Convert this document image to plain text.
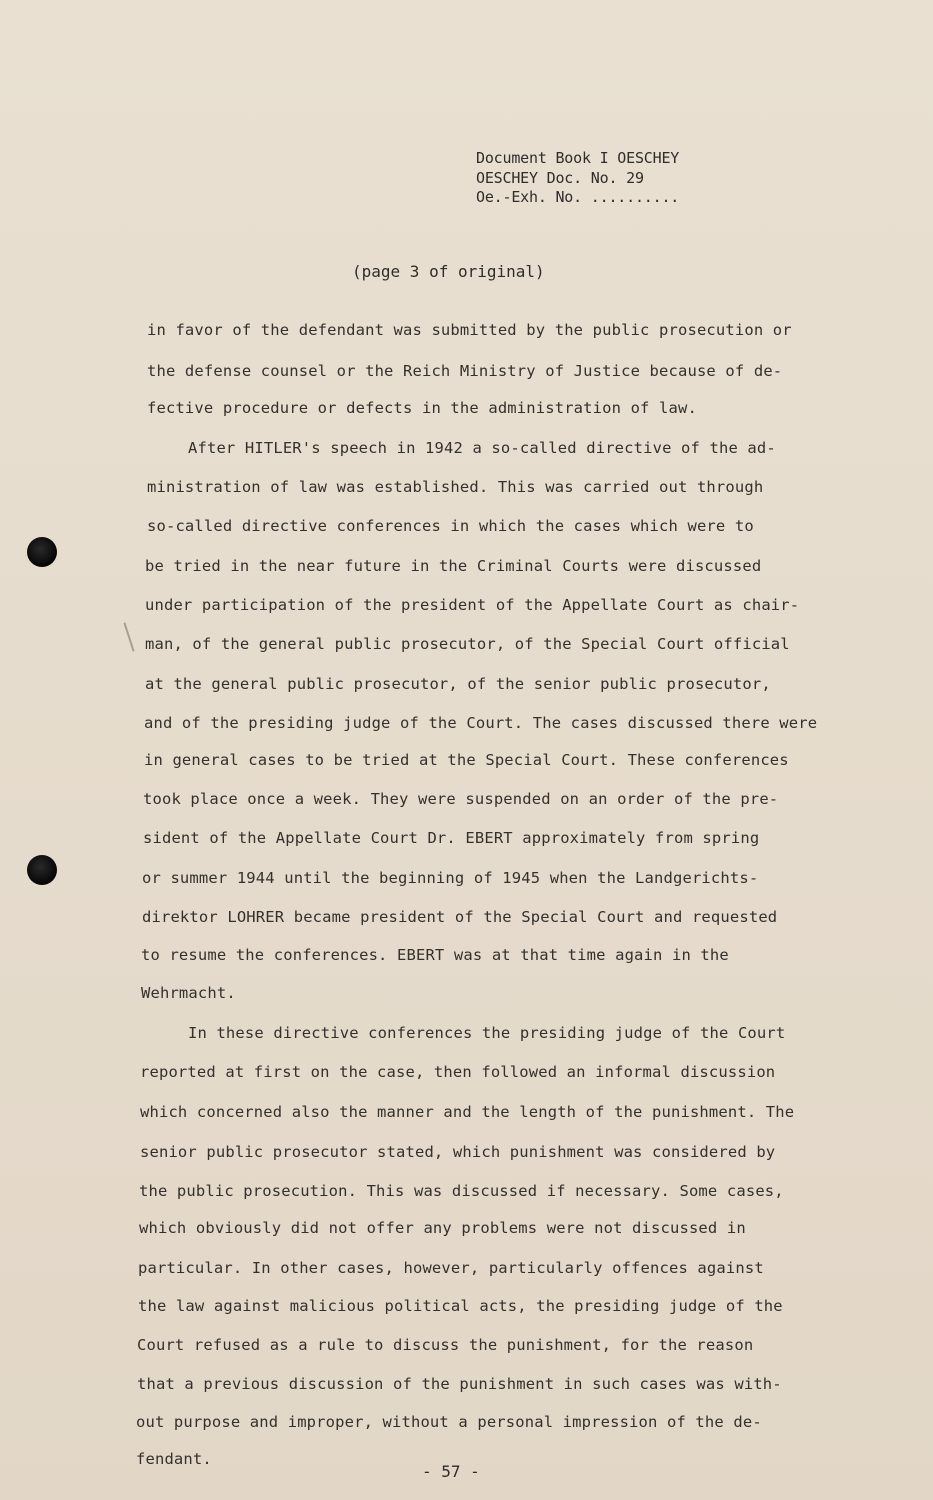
Document Book I OESCHEY
OESCHEY Doc. No. 29
Oe.-Exh. No. ..........
(page 3 of original)
in favor of the defendant was submitted by the public prosecution or
the defense counsel or the Reich Ministry of Justice because of de-
fective procedure or defects in the administration of law.
After HITLER's speech in 1942 a so-called directive of the ad-
ministration of law was established. This was carried out through
so-called directive conferences in which the cases which were to
be tried in the near future in the Criminal Courts were discussed
under participation of the president of the Appellate Court as chair-
man, of the general public prosecutor, of the Special Court official
at the general public prosecutor, of the senior public prosecutor,
and of the presiding judge of the Court. The cases discussed there were
in general cases to be tried at the Special Court. These conferences
took place once a week. They were suspended on an order of the pre-
sident of the Appellate Court Dr. EBERT approximately from spring
or summer 1944 until the beginning of 1945 when the Landgerichts-
direktor LOHRER became president of the Special Court and requested
to resume the conferences. EBERT was at that time again in the
Wehrmacht.
In these directive conferences the presiding judge of the Court
reported at first on the case, then followed an informal discussion
which concerned also the manner and the length of the punishment. The
senior public prosecutor stated, which punishment was considered by
the public prosecution. This was discussed if necessary. Some cases,
which obviously did not offer any problems were not discussed in
particular. In other cases, however, particularly offences against
the law against malicious political acts, the presiding judge of the
Court refused as a rule to discuss the punishment, for the reason
that a previous discussion of the punishment in such cases was with-
out purpose and improper, without a personal impression of the de-
fendant.
- 57 -
